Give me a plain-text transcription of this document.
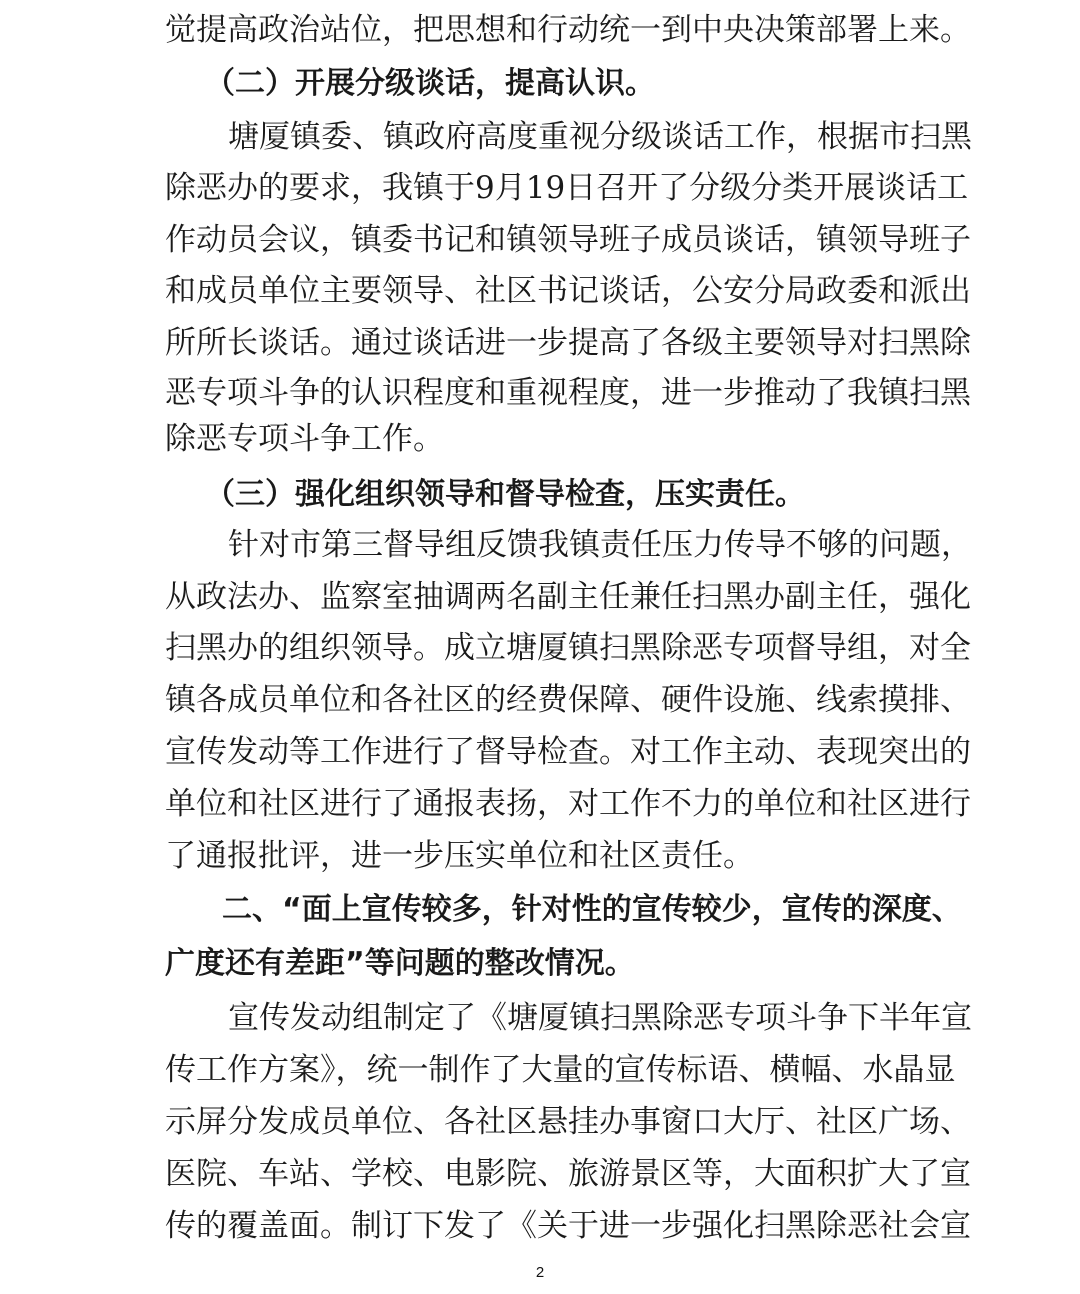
觉提高政治站位，把思想和行动统一到中央决策部署上来。
（二）开展分级谈话，提高认识。
塘厦镇委、镇政府高度重视分级谈话工作，根据市扫黑
除恶办的要求，我镇于9月19日召开了分级分类开展谈话工
作动员会议，镇委书记和镇领导班子成员谈话，镇领导班子
和成员单位主要领导、社区书记谈话，公安分局政委和派出
所所长谈话。通过谈话进一步提高了各级主要领导对扫黑除
恶专项斗争的认识程度和重视程度，进一步推动了我镇扫黑
除恶专项斗争工作。
（三）强化组织领导和督导检查，压实责任。
针对市第三督导组反馈我镇责任压力传导不够的问题，
从政法办、监察室抽调两名副主任兼任扫黑办副主任，强化
扫黑办的组织领导。成立塘厦镇扫黑除恶专项督导组，对全
镇各成员单位和各社区的经费保障、硬件设施、线索摸排、
宣传发动等工作进行了督导检查。对工作主动、表现突出的
单位和社区进行了通报表扬，对工作不力的单位和社区进行
了通报批评，进一步压实单位和社区责任。
二、“面上宣传较多，针对性的宣传较少，宣传的深度、
广度还有差距”等问题的整改情况。
宣传发动组制定了《塘厦镇扫黑除恶专项斗争下半年宣
传工作方案》，统一制作了大量的宣传标语、横幅、水晶显
示屏分发成员单位、各社区悬挂办事窗口大厅、社区广场、
医院、车站、学校、电影院、旅游景区等，大面积扩大了宣
传的覆盖面。制订下发了《关于进一步强化扫黑除恶社会宣
2
